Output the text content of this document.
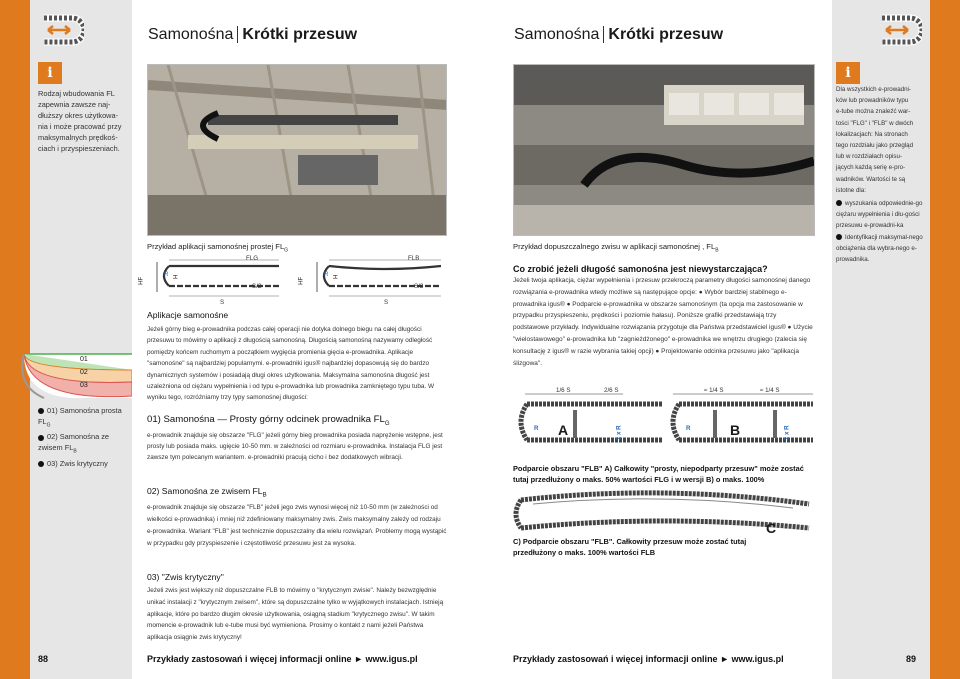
i
Rodzaj wbudowania FL
zapewnia zawsze naj-
dłuższy okres użytkowa-
nia i może pracować przy
maksymalnych prędkoś-
ciach i przyspieszeniach.
01
02
03
01) Samonośna prosta $FL_G$
02) Samonośna ze zwisem $FL_B$
03) Zwis krytyczny
Samonośna Krótki przesuw
Przykład aplikacji samonośnej prostej $FL_G$
HF
R H
FLG
S/2
S
HF
R H
FLB
S/2
S
Aplikacje samonośne
Jeżeli górny bieg e-prowadnika podczas całej operacji nie dotyka dolnego biegu na całej długości przesuwu to mówimy o aplikacji z długością samonośną. Długością samonośną nazywamy odległość pomiędzy końcem ruchomym a początkiem wygięcia promienia gięcia e-prowadnika. Aplikacje "samonośne" są najbardziej popularnymi. e-prowadniki igus® najbardziej dopasowują się do bardzo dynamicznych systemów i posiadają długi okres użytkowania. Maksymalna samonośna długość jest uzależniona od ciężaru wypełnienia i od typu e-prowadnika lub prowadnika zamkniętego typu tuba. W wyniku tego, rozróżniamy trzy typy samonośnej długości:
01) Samonośna — Prosty górny odcinek prowadnika $FL_G$
e-prowadnik znajduje się obszarze "FLG" jeżeli górny bieg prowadnika posiada naprężenie wstępne, jest prosty lub posiada maks. ugięcie 10-50 mm. w zależności od rozmiaru e-prowadnika. Instalacja FLG jest zawsze tym polecanym wariantem. e-prowadniki pracują cicho i bez dodatkowych wibracji.
02) Samonośna ze zwisem $FL_B$
e-prowadnik znajduje się obszarze "FLB" jeżeli jego zwis wynosi więcej niż 10-50 mm (w zależności od wielkości e-prowadnika) i mniej niż zdefiniowany maksymalny zwis. Zwis maksymalny zależy od rodzaju e-prowadnika. Wariant "FLB" jest technicznie dopuszczalny dla wielu rozwiązań. Problemy mogą wystąpić w przypadku gdy przyspieszenie i częstotliwość przesuwu jest za wysoka.
03) "Zwis krytyczny"
Jeżeli zwis jest większy niż dopuszczalne FLB to mówimy o "krytycznym zwisie". Należy bezwzględnie unikać instalacji z "krytycznym zwisem", które są dopuszczalne tylko w wyjątkowych instalacjach. Istnieją aplikacje, które po bardzo długim okresie użytkowania, osiągną stadium "krytycznego zwisu". W takim momencie e-prowadnik lub e-tube musi być wymieniona. Prosimy o kontakt z nami jeżeli Państwa aplikacja osiągnie zwis krytyczny!
88	Przykłady zastosowań i więcej informacji online ► www.igus.pl
Samonośna Krótki przesuw
Przykład dopuszczalnego zwisu w aplikacji samonośnej , $FL_B$
Co zrobić jeżeli długość samonośna jest niewystarczająca?
Jeżeli twoja aplikacja, ciężar wypełnienia i przesuw przekroczą parametry długości samonośnej danego rozwiązania e-prowadnika wtedy możliwe są następujące opcje: ● Wybór bardziej stabilnego e-prowadnika igus® ● Podparcie e-prowadnika w obszarze samonośnym (ta opcja ma zastosowanie w przypadku przyspieszeniu, prędkości i poziomie hałasu). Poniższe grafiki przedstawiają trzy podstawowe przykłady. Indywidualne rozwiązania przygotuje dla Państwa przedstawiciel igus® ● Użycie "wielostawowego" e-prowadnika lub "zagnieżdżonego" e-prowadnika we wnętrzu drugiego (zalecia się konsultację z igus® w razie wybrania takiej opcji) ● Projektowanie odcinka przesuwu jako "aplikacja ślizgowa".
1/6 S	2/6 S	≈ 1/4 S	≈ 1/4 S
A	B
R	R
2 x R	2 x R
Podparcie obszaru "FLB" A) Całkowity "prosty, niepodparty przesuw" może zostać tutaj przedłużony o maks. 50% wartości FLG i w wersji B) o maks. 100%
C
C) Podparcie obszaru "FLB". Całkowity przesuw może zostać tutaj przedłużony o maks. 100% wartości FLB
i
Dla wszystkich e-prowadni-
ków lub prowadników typu
e-tube można znaleźć war-
tości "FLG" i "FLB" w dwóch
lokalizacjach: Na stronach
tego rozdziału jako przegląd
lub w rozdziałach opisu-
jących każdą serię e-pro-
wadników. Wartości te są
istotne dla:
wyszukania odpowiednie-go ciężaru wypełnienia i dłu-gości przesuwu e-prowadni-ka
Identyfikacji maksymal-nego obciążenia dla wybra-nego e-prowadnika.
Przykłady zastosowań i więcej informacji online ► www.igus.pl	89
